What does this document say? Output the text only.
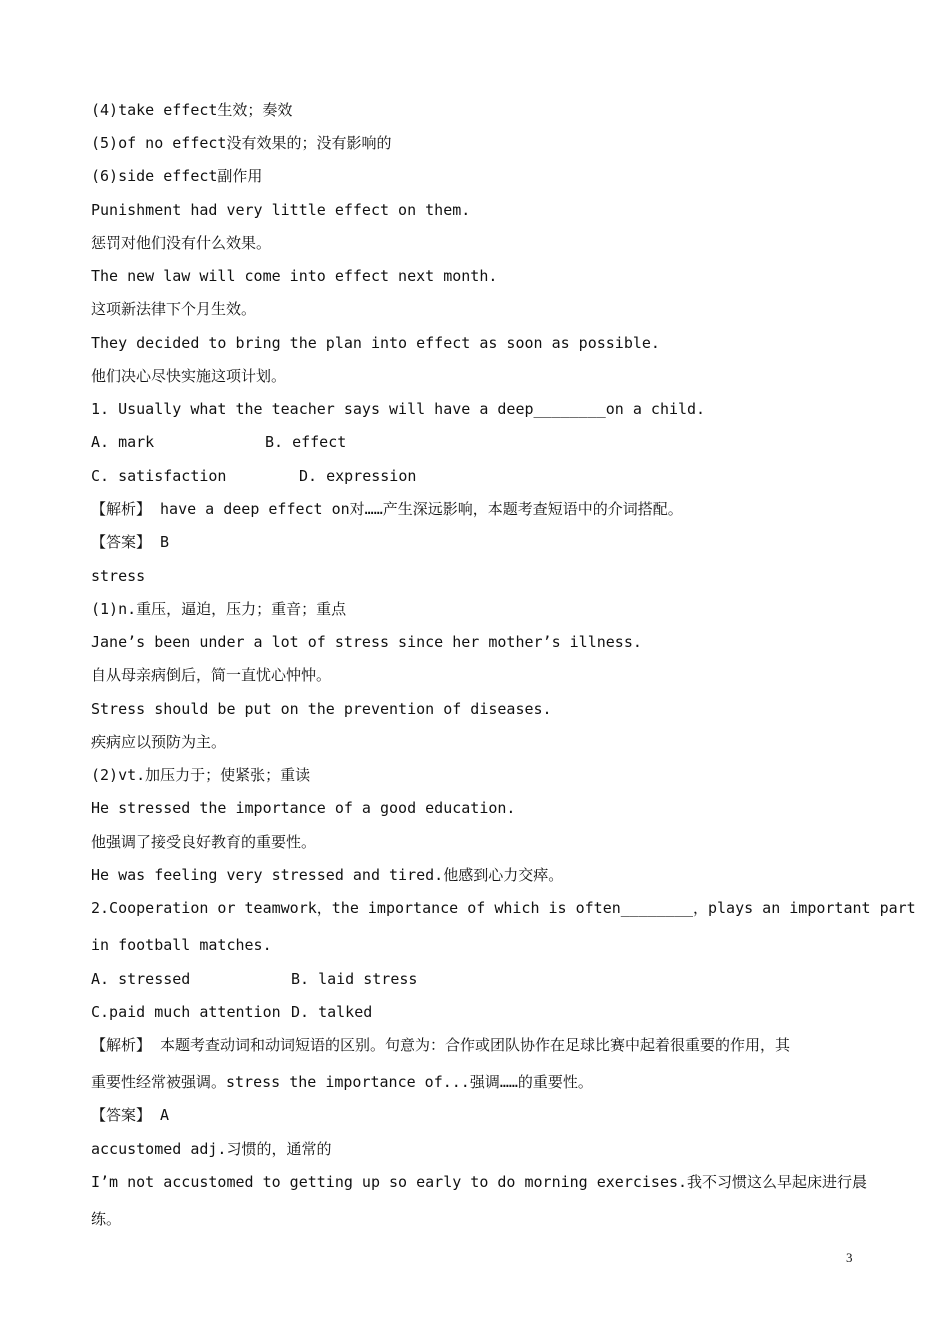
(4)take effect生效；奏效
(5)of no effect没有效果的；没有影响的
(6)side effect副作用
Punishment had very little effect on them.
惩罚对他们没有什么效果。
The new law will come into effect next month.
这项新法律下个月生效。
They decided to bring the plan into effect as soon as possible.
他们决心尽快实施这项计划。
1. Usually what the teacher says will have a deep________on a child.
A. mark	B. effect
C. satisfaction	D. expression
【解析】 have a deep effect on对……产生深远影响，本题考查短语中的介词搭配。
【答案】 B
stress
(1)n.重压，逼迫，压力；重音；重点
Jane’s been under a lot of stress since her mother’s illness.
自从母亲病倒后，简一直忧心忡忡。
Stress should be put on the prevention of diseases.
疾病应以预防为主。
(2)vt.加压力于；使紧张；重读
He stressed the importance of a good education.
他强调了接受良好教育的重要性。
He was feeling very stressed and tired.他感到心力交瘁。
2.Cooperation or teamwork，the importance of which is often________，plays an important part
in football matches.
A. stressed	B. laid stress
C.paid much attention D. talked
【解析】 本题考查动词和动词短语的区别。句意为：合作或团队协作在足球比赛中起着很重要的作用，其
重要性经常被强调。stress the importance of...强调……的重要性。
【答案】 A
accustomed adj.习惯的，通常的
I’m not accustomed to getting up so early to do morning exercises.我不习惯这么早起床进行晨
练。
3
